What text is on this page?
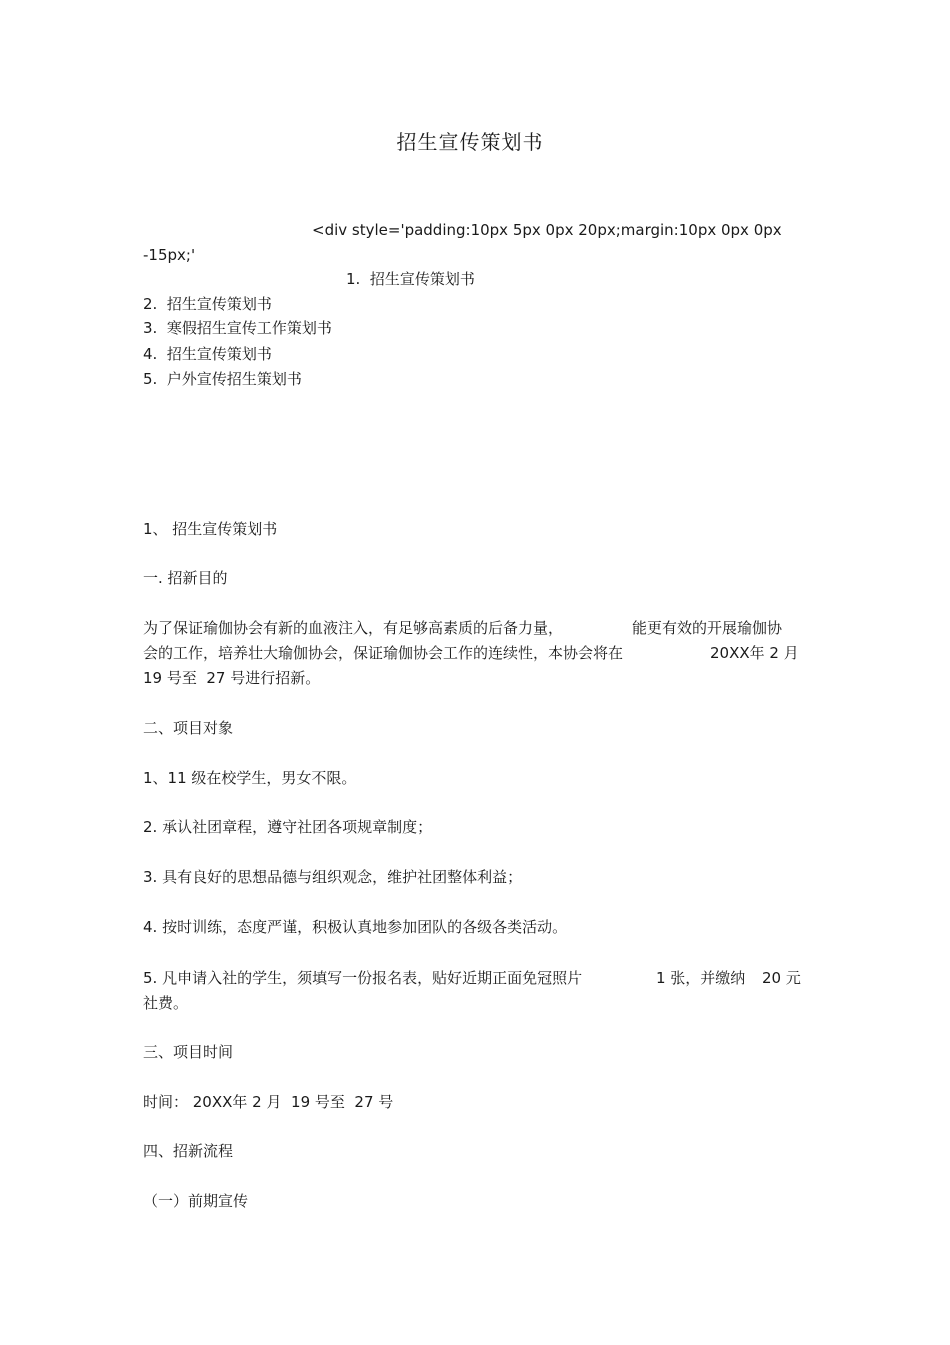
招生宣传策划书
<div style='padding:10px 5px 0px 20px;margin:10px 0px 0px
-15px;'
1.  招生宣传策划书
2.  招生宣传策划书
3.  寒假招生宣传工作策划书
4.  招生宣传策划书
5.  户外宣传招生策划书
1、 招生宣传策划书
一. 招新目的
为了保证瑜伽协会有新的血液注入，有足够高素质的后备力量，	能更有效的开展瑜伽协
会的工作，培养壮大瑜伽协会，保证瑜伽协会工作的连续性，本协会将在	20XX年 2 月
19 号至  27 号进行招新。
二、项目对象
1、11 级在校学生，男女不限。
2. 承认社团章程，遵守社团各项规章制度；
3. 具有良好的思想品德与组织观念，维护社团整体利益；
4. 按时训练，态度严谨，积极认真地参加团队的各级各类活动。
5. 凡申请入社的学生，须填写一份报名表，贴好近期正面免冠照片	1 张，并缴纳 20 元
社费。
三、项目时间
时间： 20XX年 2 月  19 号至  27 号
四、招新流程
（一）前期宣传
